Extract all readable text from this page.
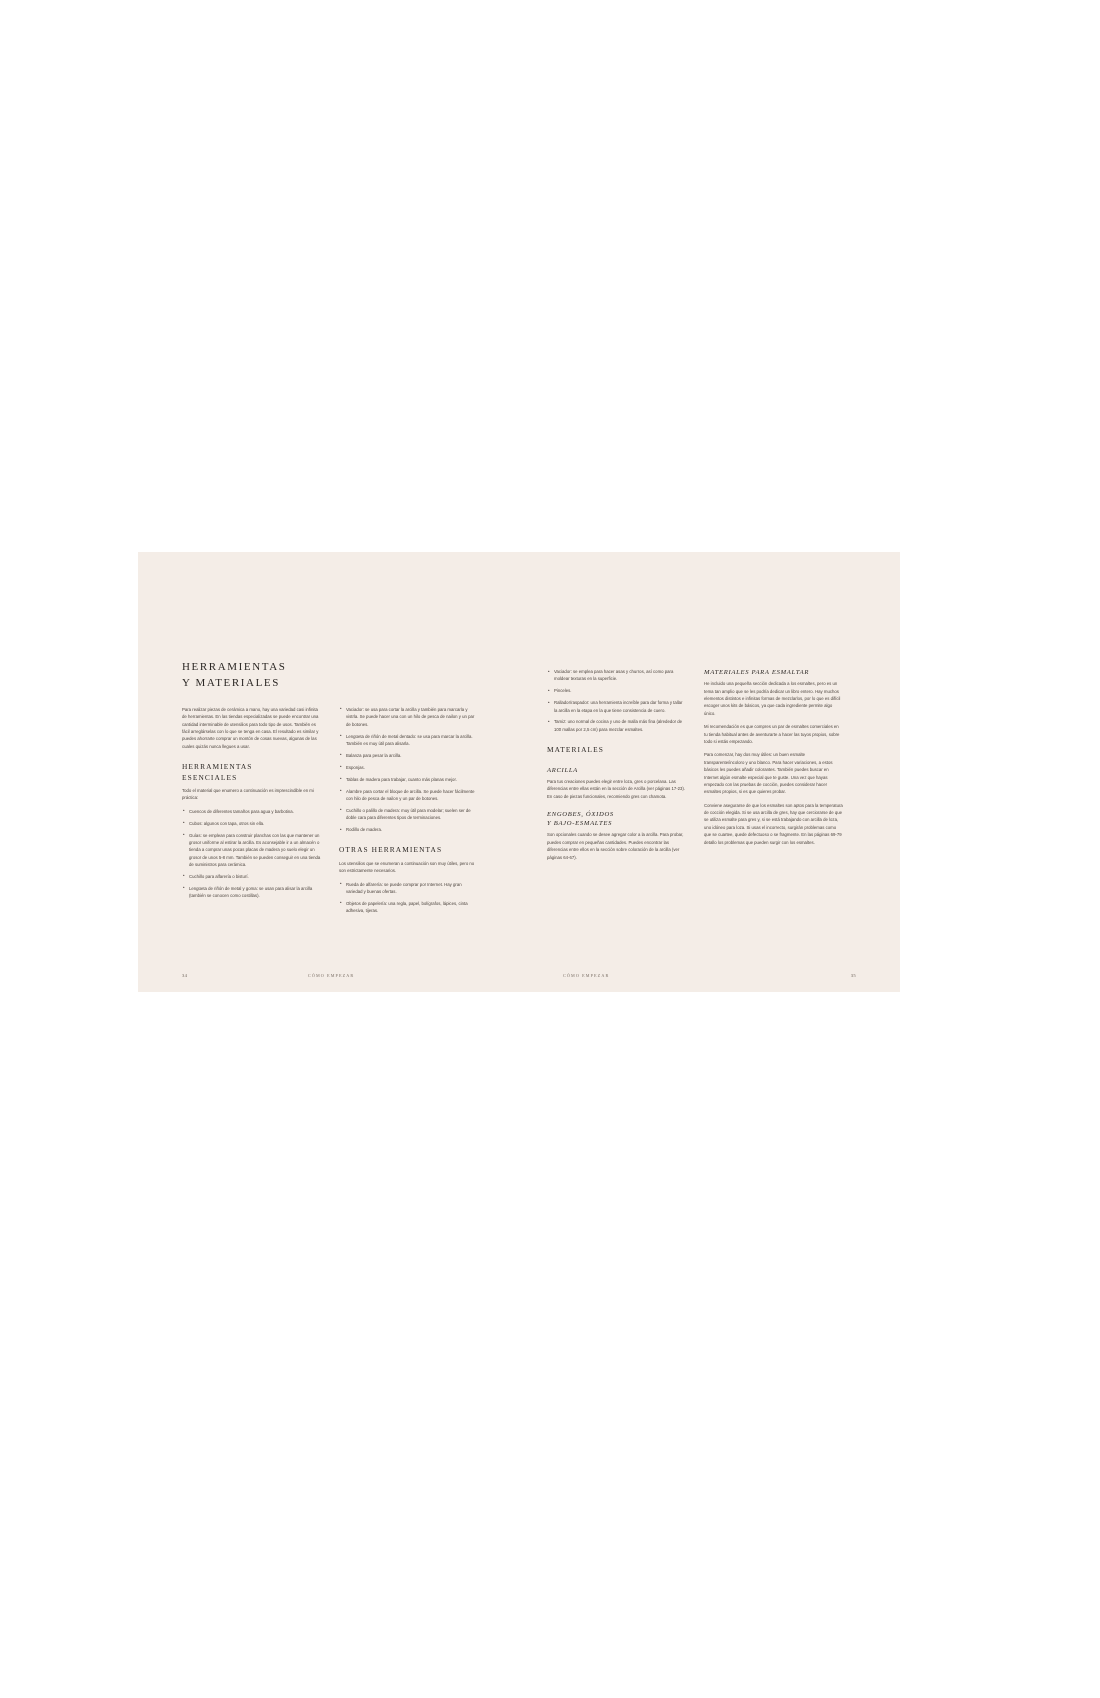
HERRAMIENTAS
Y MATERIALES

Para realizar piezas de cerámica a mano, hay una variedad casi infinita de herramientas. En las tiendas especializadas se puede encontrar una cantidad interminable de utensilios para todo tipo de usos. También es fácil arreglárselas con lo que se tenga en casa. El resultado es similar y puedes ahorrarte comprar un montón de cosas nuevas, algunas de las cuales quizás nunca llegues a usar.

HERRAMIENTAS
ESENCIALES

Todo el material que enumero a continuación es imprescindible en mi práctica:

• Cuencos de diferentes tamaños para agua y barbotina.
• Cubos: algunos con tapa, otros sin ella.
• Guías: se emplean para construir planchas con las que mantener un grosor uniforme al estirar la arcilla. Es aconsejable ir a un almacén o tienda a comprar unas pocas placas de madera yo suelo elegir un grosor de unos 5-8 mm. También se pueden conseguir en una tienda de suministros para cerámica.
• Cuchillo para alfarería o bisturí.
• Lengüeta de riñón de metal y goma: se usan para alisar la arcilla (también se conocen como costillas).
• Vaciador: se usa para cortar la arcilla y también para marcarla y vistrla. Se puede hacer una con un hilo de pesca de nailon y un par de botones.
• Lengüeta de riñón de metal dentado: se usa para marcar la arcilla. También es muy útil para alisarla.
• Balanza para pesar la arcilla.
• Esponjas.
• Tablas de madera para trabajar, cuanto más planas mejor.
• Alambre para cortar el bloque de arcilla. Se puede hacer fácilmente con hilo de pesca de nailon y un par de botones.
• Cuchillo o palillo de madera: muy útil para modelar; suelen ser de doble cara para diferentes tipos de terminaciones.
• Rodillo de madera.
OTRAS HERRAMIENTAS

Los utensilios que se enumeran a continuación son muy útiles, pero no son estrictamente necesarios.

• Rueda de alfarería: se puede comprar por Internet. Hay gran variedad y buenas ofertas.
• Objetos de papelería: una regla, papel, bolígrafos, lápices, cinta adhesiva, tijeras.
34	CÓMO EMPEZAR
• Vaciador: se emplea para hacer asas y churros, así como para moldear texturas en la superficie.
• Pinceles.
• Rallador/raspador: una herramienta increíble para dar forma y tallar la arcilla en la etapa en la que tiene consistencia de cuero.
• Tamiz: uno normal de cocina y uno de malla más fina (alrededor de 100 mallas por 2,5 cm) para mezclar esmaltes.
MATERIALES
ARCILLA

Para tus creaciones puedes elegir entre loza, gres o porcelana. Las diferencias entre ellas están en la sección de Arcilla (ver páginas 17-23). En caso de piezas funcionales, recomiendo gres con chamota.

ENGOBES, ÓXIDOS
Y BAJO-ESMALTES

Son opcionales cuando se desee agregar color a la arcilla. Para probar, puedes comprar en pequeñas cantidades. Puedes encontrar las diferencias entre ellos en la sección sobre coloración de la arcilla (ver páginas 64-67).

MATERIALES PARA ESMALTAR

He incluido una pequeña sección dedicada a los esmaltes, pero es un tema tan amplio que se les podría dedicar un libro entero. Hay muchos elementos distintos e infinitas formas de mezclarlos, por lo que es difícil escoger unos kits de básicos, ya que cada ingrediente permite algo único.

Mi recomendación es que compres un par de esmaltes comerciales en tu tienda habitual antes de aventurarte a hacer las tuyos propios, sobre todo si estás empezando.

Para comenzar, hay dos muy útiles: un buen esmalte transparente/incoloro y uno blanco. Para hacer variaciones, a estos básicos les puedes añadir colorantes. También puedes buscar en Internet algún esmalte especial que te guste. Una vez que hayas empezado con las pruebas de cocción, puedes considerar hacer esmaltes propios, si es que quieres probar.

Conviene asegurarse de que los esmaltes son aptos para la temperatura de cocción elegida. Si se usa arcilla de gres, hay que cerciorarse de que se utiliza esmalte para gres y, si se está trabajando con arcilla de loza, uno idóneo para loza. Si usas el incorrecto, surgirán problemas como que se cuartee, quede defectuoso o se fragmente. En las páginas 69-79 detallo los problemas que pueden surgir con los esmaltes.

CÓMO EMPEZAR	35
